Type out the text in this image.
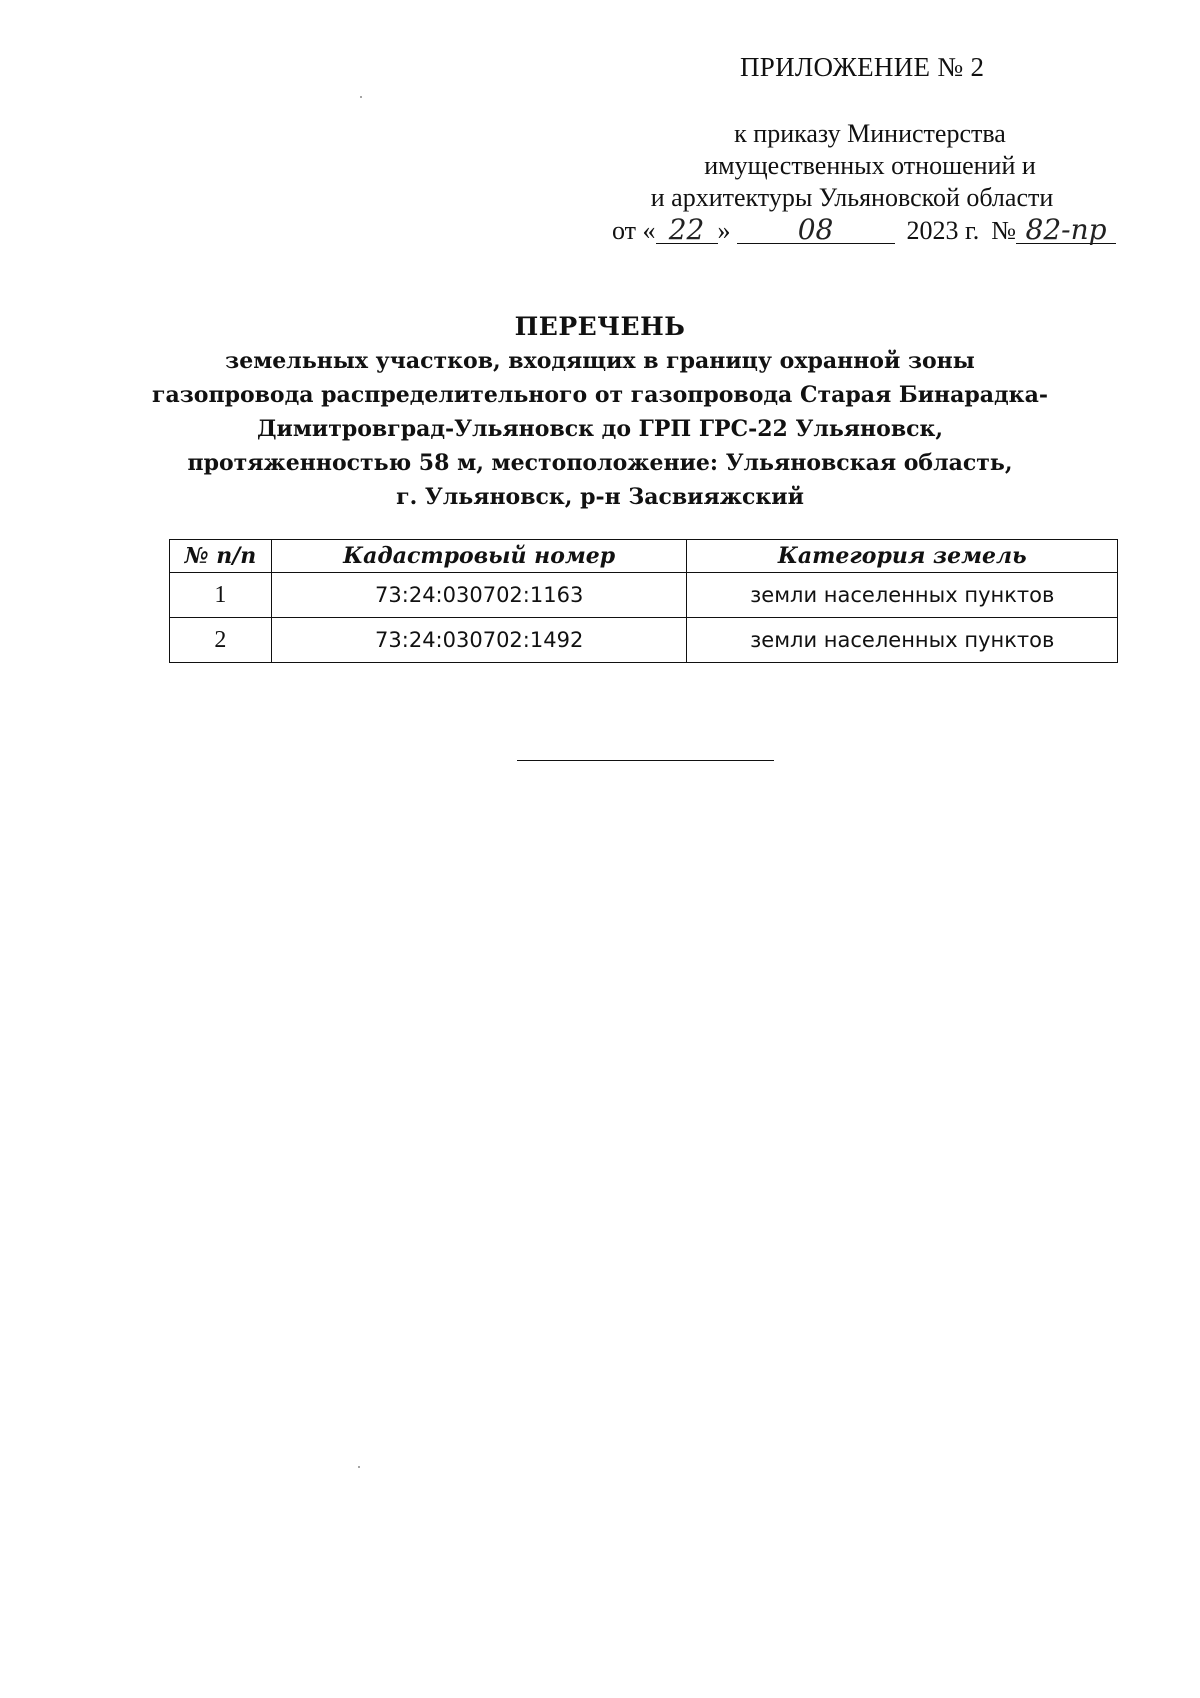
ПРИЛОЖЕНИЕ № 2
к приказу Министерства
имущественных отношений и
и архитектуры Ульяновской области
от « 22 » 08	2023 г. № 82-пр
ПЕРЕЧЕНЬ
земельных участков, входящих в границу охранной зоны
газопровода распределительного от газопровода Старая Бинарадка-
Димитровград-Ульяновск до ГРП ГРС-22 Ульяновск,
протяженностью 58 м, местоположение: Ульяновская область,
г. Ульяновск, р-н Засвияжский
№ п/п	Кадастровый номер	Категория земель
1	73:24:030702:1163	земли населенных пунктов
2	73:24:030702:1492	земли населенных пунктов
